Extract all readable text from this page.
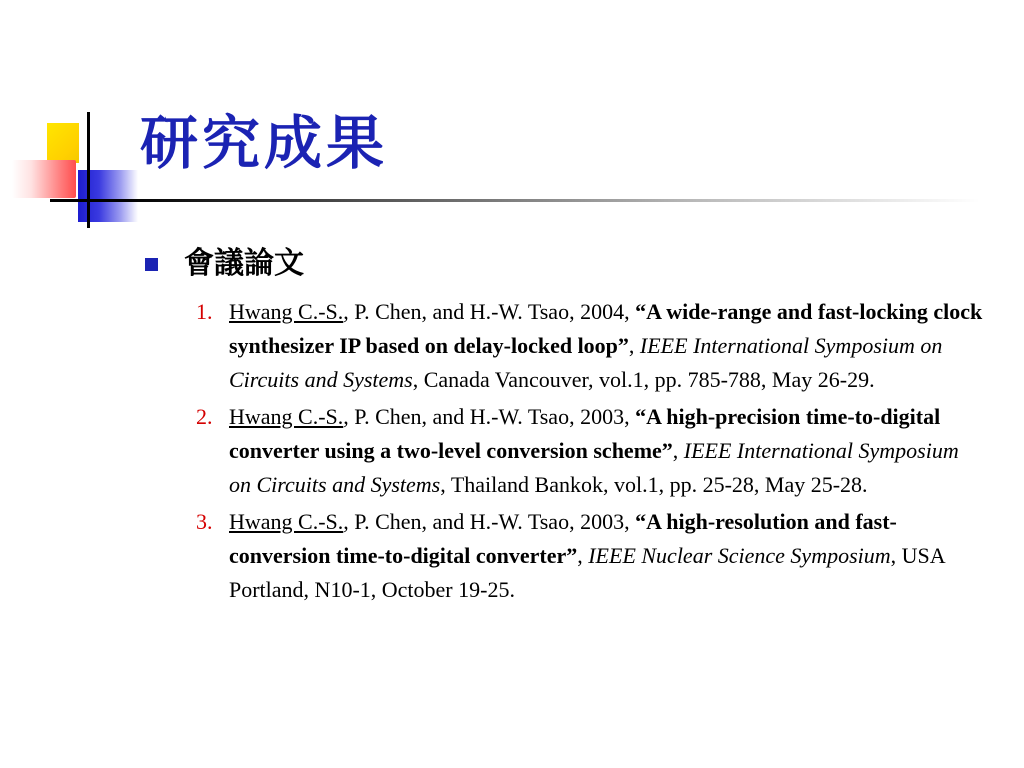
研究成果
會議論文
1. Hwang C.-S., P. Chen, and H.-W. Tsao, 2004, “A wide-range and fast-locking clock synthesizer IP based on delay-locked loop”, IEEE International Symposium on Circuits and Systems, Canada Vancouver, vol.1, pp. 785-788, May 26-29.
2. Hwang C.-S., P. Chen, and H.-W. Tsao, 2003, “A high-precision time-to-digital converter using a two-level conversion scheme”, IEEE International Symposium on Circuits and Systems, Thailand Bankok, vol.1, pp. 25-28, May 25-28.
3. Hwang C.-S., P. Chen, and H.-W. Tsao, 2003, “A high-resolution and fast-conversion time-to-digital converter”, IEEE Nuclear Science Symposium, USA Portland, N10-1, October 19-25.
